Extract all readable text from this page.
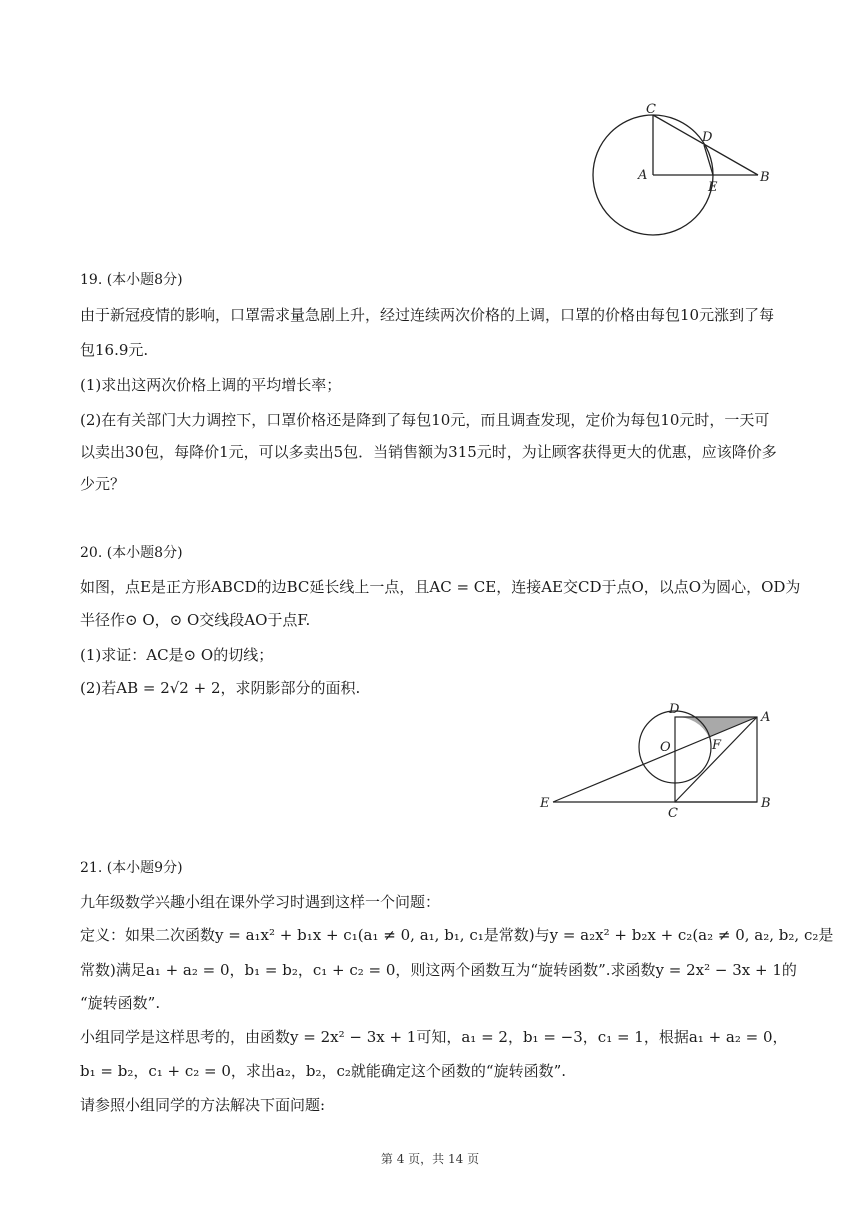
C
D
A
E
B
19. (本小题8分)
由于新冠疫情的影响，口罩需求量急剧上升，经过连续两次价格的上调，口罩的价格由每包10元涨到了每
包16.9元.
(1)求出这两次价格上调的平均增长率；
(2)在有关部门大力调控下，口罩价格还是降到了每包10元，而且调查发现，定价为每包10元时，一天可
以卖出30包，每降价1元，可以多卖出5包．当销售额为315元时，为让顾客获得更大的优惠，应该降价多
少元？
20. (本小题8分)
如图，点E是正方形ABCD的边BC延长线上一点，且AC = CE，连接AE交CD于点O，以点O为圆心，OD为
半径作⊙ O，⊙ O交线段AO于点F.
(1)求证：AC是⊙ O的切线；
(2)若AB = 2√2 + 2，求阴影部分的面积.
D
A
O	F
E
C
B
21. (本小题9分)
九年级数学兴趣小组在课外学习时遇到这样一个问题：
定义：如果二次函数y = a₁x² + b₁x + c₁(a₁ ≠ 0, a₁, b₁, c₁是常数)与y = a₂x² + b₂x + c₂(a₂ ≠ 0, a₂, b₂, c₂是
常数)满足a₁ + a₂ = 0，b₁ = b₂，c₁ + c₂ = 0，则这两个函数互为“旋转函数”.求函数y = 2x² − 3x + 1的
“旋转函数”.
小组同学是这样思考的，由函数y = 2x² − 3x + 1可知，a₁ = 2，b₁ = −3，c₁ = 1，根据a₁ + a₂ = 0，
b₁ = b₂，c₁ + c₂ = 0，求出a₂，b₂，c₂就能确定这个函数的“旋转函数”.
请参照小组同学的方法解决下面问题:
第 4 页，共 14 页
